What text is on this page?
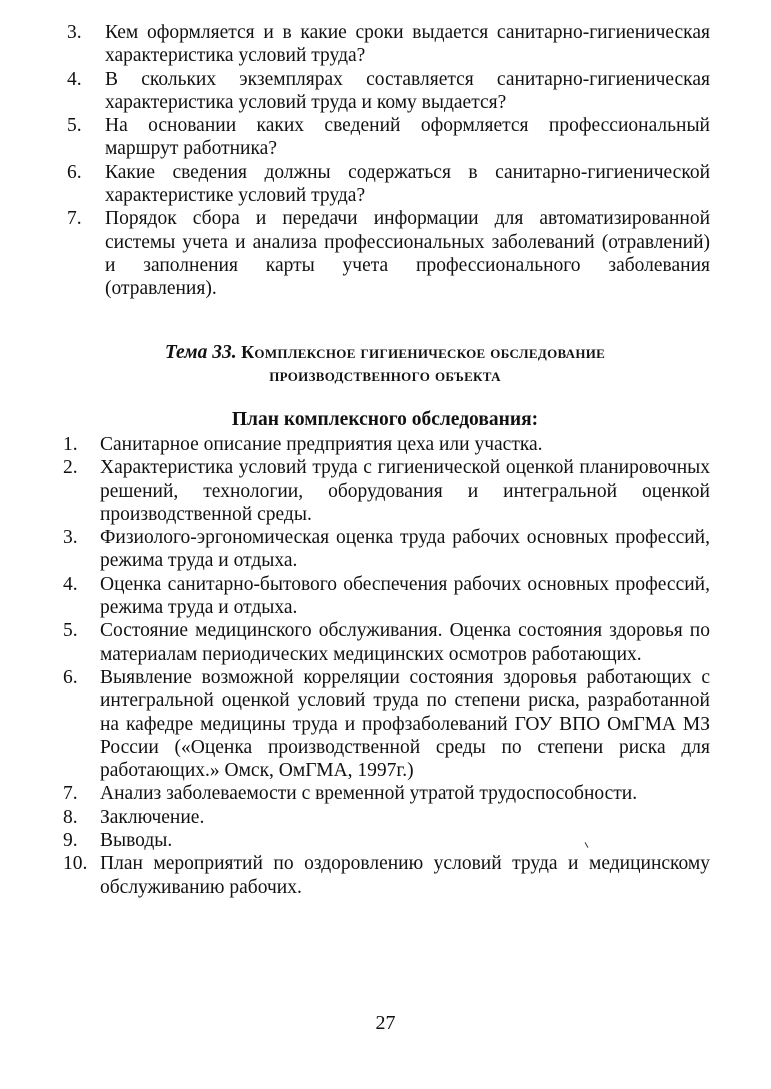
3.	Кем оформляется и в какие сроки выдается санитарно-гигиеническая характеристика условий труда?
4.	В скольких экземплярах составляется санитарно-гигиеническая характеристика условий труда и кому выдается?
5.	На основании каких сведений оформляется профессиональный маршрут работника?
6.	Какие сведения должны содержаться в санитарно-гигиенической характеристике условий труда?
7.	Порядок сбора и передачи информации для автоматизированной системы учета и анализа профессиональных заболеваний (отравлений) и заполнения карты учета профессионального заболевания (отравления).
Тема 33. Комплексное гигиеническое обследование
производственного объекта
План комплексного обследования:
1.	Санитарное описание предприятия цеха или участка.
2.	Характеристика условий труда с гигиенической оценкой планировочных решений, технологии, оборудования и интегральной оценкой производственной среды.
3.	Физиолого-эргономическая оценка труда рабочих основных профессий, режима труда и отдыха.
4.	Оценка санитарно-бытового обеспечения рабочих основных профессий, режима труда и отдыха.
5.	Состояние медицинского обслуживания. Оценка состояния здоровья по материалам периодических медицинских осмотров работающих.
6.	Выявление возможной корреляции состояния здоровья работающих с интегральной оценкой условий труда по степени риска, разработанной на кафедре медицины труда и профзаболеваний ГОУ ВПО ОмГМА МЗ России («Оценка производственной среды по степени риска для работающих.» Омск, ОмГМА, 1997г.)
7.	Анализ заболеваемости с временной утратой трудоспособности.
8.	Заключение.
9.	Выводы.
10. План мероприятий по оздоровлению условий труда и медицинскому обслуживанию рабочих.
27
